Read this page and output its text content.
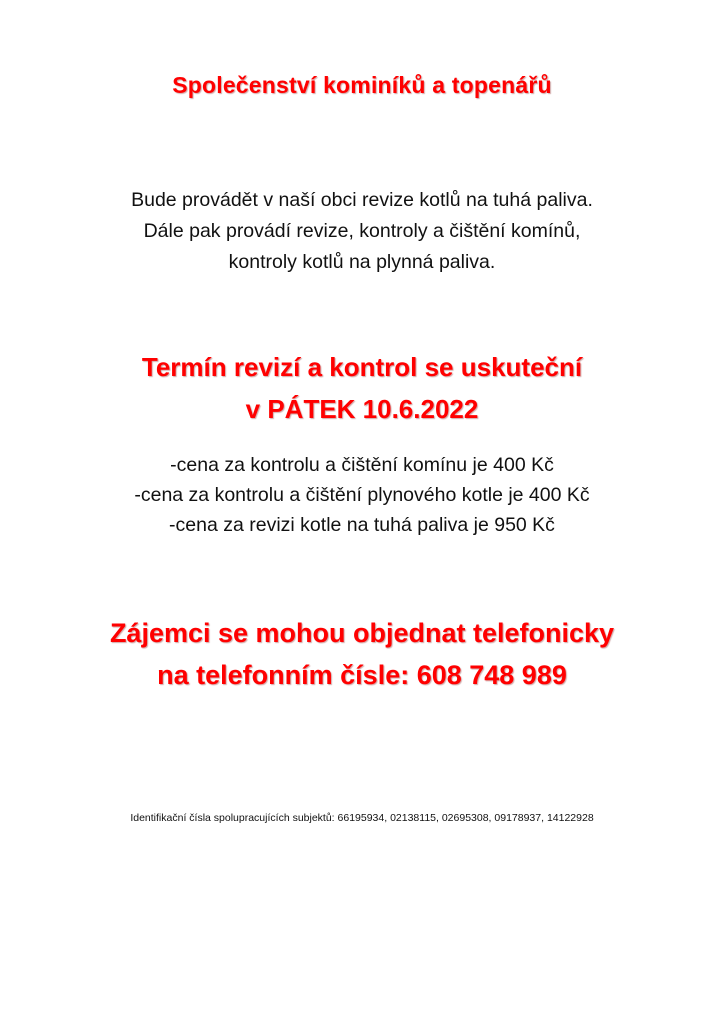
Společenství kominíků a topenářů
Bude provádět v naší obci revize kotlů na tuhá paliva.
Dále pak provádí revize, kontroly a čištění komínů,
kontroly kotlů na plynná paliva.
Termín revizí a kontrol se uskuteční
v PÁTEK 10.6.2022
-cena za kontrolu a čištění komínu je 400 Kč
-cena za kontrolu a čištění plynového kotle je 400 Kč
-cena za revizi kotle na tuhá paliva je 950 Kč
Zájemci se mohou objednat telefonicky
na telefonním čísle: 608 748 989
Identifikační čísla spolupracujících subjektů: 66195934, 02138115, 02695308, 09178937, 14122928
